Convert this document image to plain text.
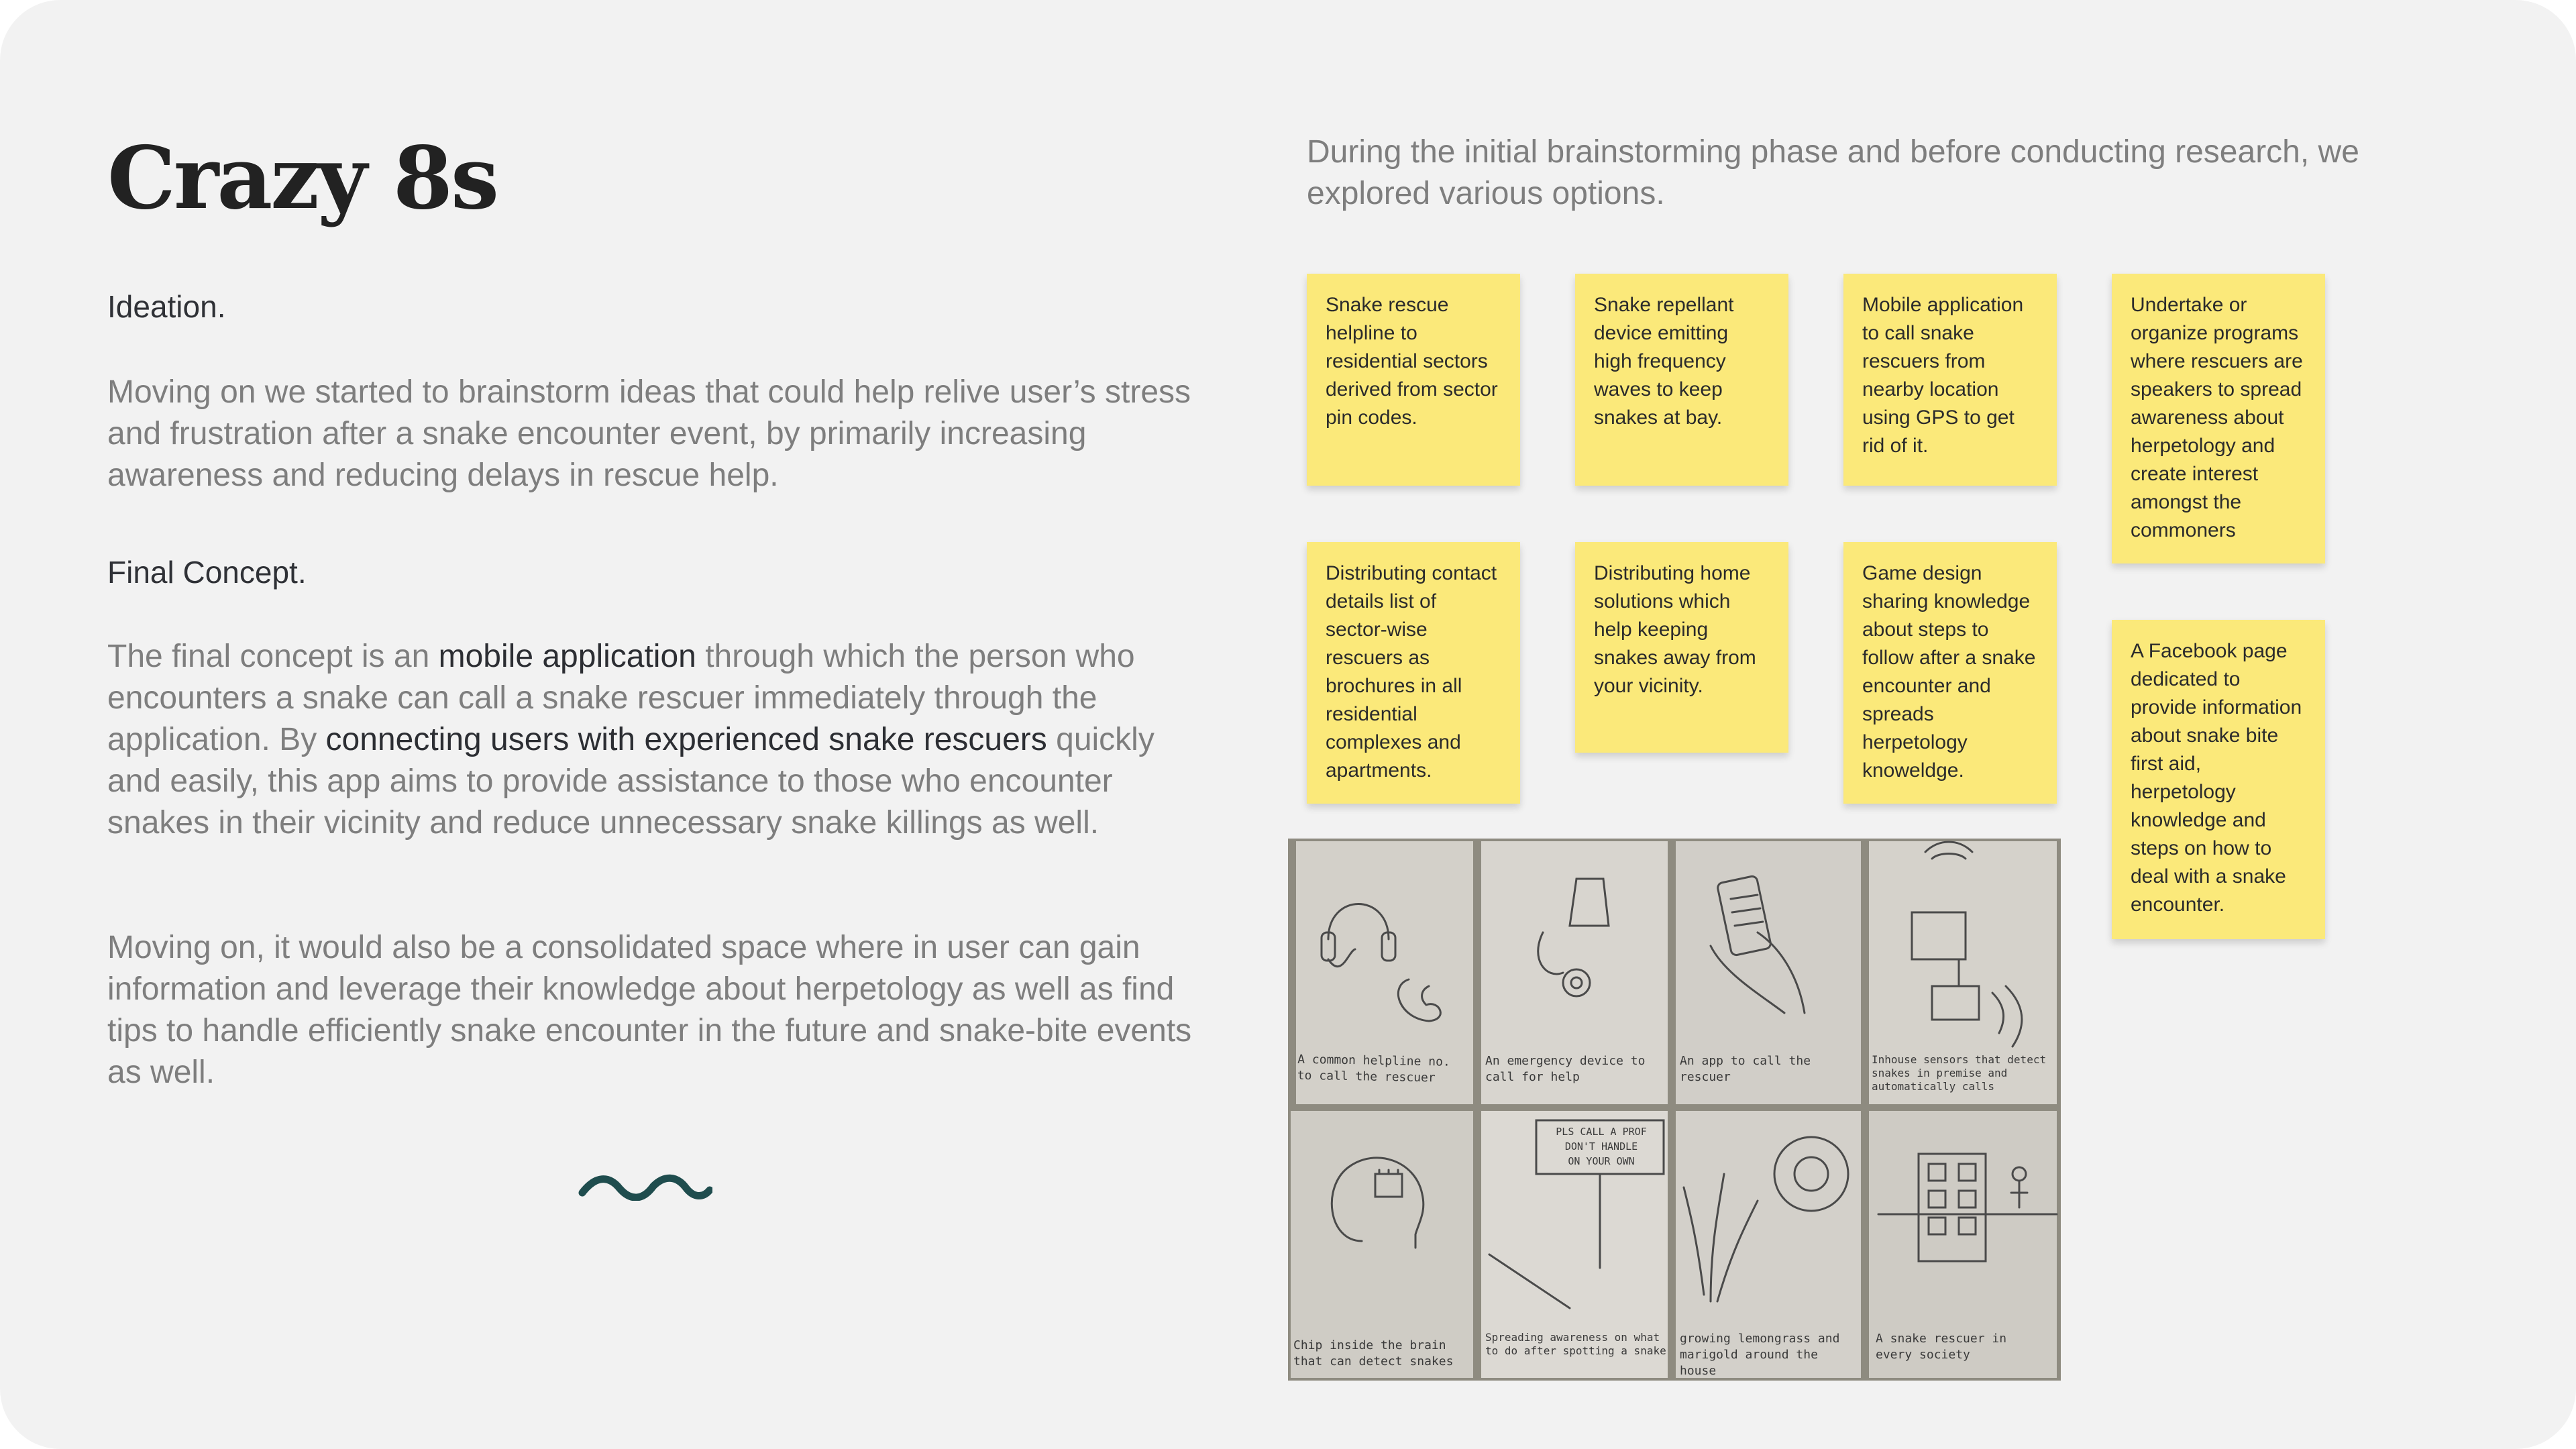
Crazy 8s
Ideation.

Moving on we started to brainstorm ideas that could help relive user’s stress and frustration after a snake encounter event, by primarily increasing awareness and reducing delays in rescue help.

Final Concept.

The final concept is an mobile application through which the person who encounters a snake can call a snake rescuer immediately through the application. By connecting users with experienced snake rescuers quickly and easily, this app aims to provide assistance to those who encounter snakes in their vicinity and reduce unnecessary snake killings as well.

Moving on, it would also be a consolidated space where in user can gain information and leverage their knowledge about herpetology as well as find tips to handle efficiently snake encounter in the future and snake-bite events as well.

During the initial brainstorming phase and before conducting research, we explored various options.

Snake rescue helpline to residential sectors derived from sector pin codes.
Snake repellant device emitting high frequency waves to keep snakes at bay.
Mobile application to call snake rescuers from nearby location using GPS to get rid of it.
Undertake or organize programs where rescuers are speakers to spread awareness about herpetology and create interest amongst the commoners
Distributing contact details list of sector-wise rescuers as brochures in all residential complexes and apartments.
Distributing home solutions which help keeping snakes away from your vicinity.
Game design sharing knowledge about steps to follow after a snake encounter and spreads herpetology knoweldge.
A Facebook page dedicated to provide information about snake bite first aid, herpetology knowledge and steps on how to deal with a snake encounter.
A common helpline no. to call the rescuer
An emergency device to call for help
An app to call the rescuer
Inhouse sensors that detect snakes in premise and automatically calls
Chip inside the brain that can detect snakes
Spreading awareness on what to do after spotting a snake
growing lemongrass and marigold around the house
A snake rescuer in every society
PLS CALL A PROF
DON'T HANDLE
ON YOUR OWN
